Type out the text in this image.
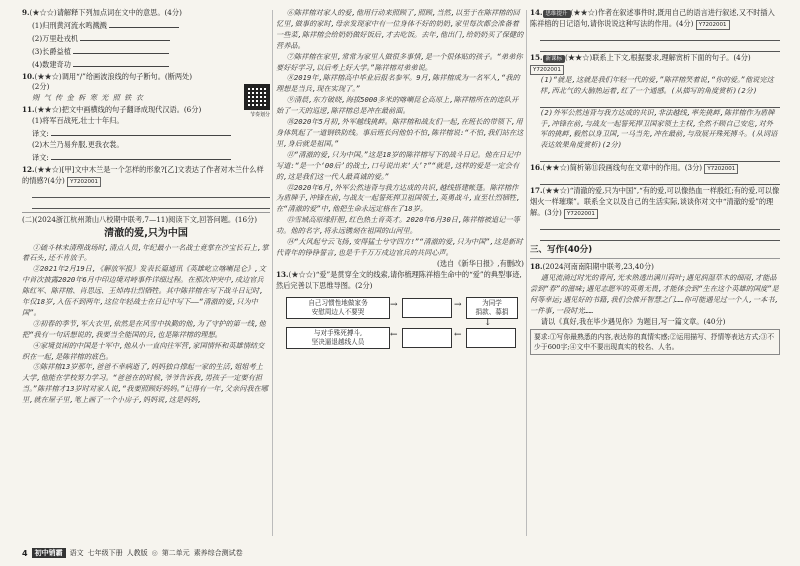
9.(★☆☆)请解释下列加点词在文中的意思。(4分)

(1)归刑黄河流水鸣溅溅

(2)万里赴戎机

(3)长爵益植

(4)数建奇功

10.(★★☆)调用“/”给画波浪线的句子断句。(断两处)

(2分)

朔 气 传 金 柝 寒 光 照 铁 衣

节奏划分

11.(★★☆)把文中画横线的句子翻译成现代汉语。(6分)

(1)将军百战死,壮士十年归。

译文:

(2)木兰乃易弁服,更我衣裳。

译文:

12.(★★☆)[甲]文中木兰是一个怎样的形象?[乙]文表达了作者对木兰什么样的情感?(4分) Y7202001

(二)(2024浙江杭州萧山八校期中联考,7—11)阅读下文,回答问题。(16分)

清澈的爱,只为中国

①硫斗林未清理战场时,清点人员,年纪最小一名战士竟掌在沙宝长石上,掌着石头,还不肯放手。

②2021年2月19日,《解放军报》发表长篇通讯《英雄屹立喀喇昆仑》,文中首次披露2020年6月中印边境对峙事件详细过程。在那次冲突中,戍边官兵陈红军、陈祥榕、肖思远、王焯冉壮烈牺牲。其中陈祥榕在写下战斗日记时,年仅18岁,入伍不到两年,这位年轻战士在日记中写下——“清澈的爱,只为中国”。

③初春的季节,军大衣里,依然是在风雪中执勤的他,为了守护的第一线,他把“我有一句话想说的,我要当全能国的兵,也是陈祥榕的理想。

④家境贫困的中国是十军中,他从小一直向往军营,家国情怀和英雄情结交织在一起,是陈祥榕的底色。

⑤陈祥榕13岁那年,爸爸不幸病逝了,妈妈独自撑起一家的生活,姐姐考上大学,他能在学校努力学习。“爸爸在的时候,爷爷告诉我,男孩子一定要有担当。”陈祥榕才13岁时对家人说,“我要照顾好妈妈。”记得有一年,父亲问我在哪里,就在屋子里,笔上画了一个小房子,妈妈说,这是妈妈,

⑥陈祥榕对家人的爱,他用行动来照顾了,照顾,当然,以至于在陈祥榕的回忆里,做事的家时,母亲发现家中有一位身体不好的奶奶,家里每次都会准备着一些菜,陈祥榕会给奶奶做好饭后,才去吃饭。去年,他出门,给奶奶买了保健的营养品。

⑦陈祥榕在家里,常常为家里人做很多事情,是一个很体贴的孩子。“弟弟你要好好学习,以后考上好大学。”陈祥榕对弟弟说。

⑧2019年,陈祥榕高中毕业后报名参军。9月,陈祥榕成为一名军人,“我的理想是当兵,现在实现了。”

⑨清晨,东方破晓,海拔5000多米的喀喇昆仑高原上,陈祥榕所在的连队开始了一天的巡逻,陈祥榕总是冲在最前面。

⑩2020年5月初,外军越线挑衅。陈祥榕和战友们一起,在班长的带领下,用身体筑起了一道钢铁防线。事后班长问他怕不怕,陈祥榕说:“不怕,我们站在这里,身后就是祖国。”

⑪“清澈的爱,只为中国。”这是18岁的陈祥榕写下的战斗日记。他在日记中写道:“是一个‘00后’的战士,口号说出来‘大’?”“就是,这样的爱是一定会有的,这是我们这一代人最真诚的爱。”

⑫2020年6月,外军公然违背与我方达成的共识,越线搭建帐篷。陈祥榕作为盾牌手,冲锋在前,与战友一起誓死捍卫祖国领土,英勇战斗,直至壮烈牺牲,在“清澈的爱”中,他把生命永远定格在了18岁。

⑬雪域高原缘肝胆,红色热土育英才。2020年6月30日,陈祥榕被追记一等功。他的名字,将永远镌刻在祖国的山河里。

⑭“大风起兮云飞扬,安得猛士兮守四方!”“清澈的爱,只为中国”,这是新时代青年的铮铮誓言,也是千千万万戍边官兵的共同心声。

(选自《新华日报》,有删改)

13.(★☆☆)“爱”是贯穿全文的线索,请你梳理陈祥榕生命中的“爱”的典型事迹,然后完善以下思维导图。(2分)

自己习惯性地做家务
安慰周边人不要哭
→	→	为同学
捐款、募捐
↓
与对手殊死搏斗,
坚决逼退越线人员
←	←

14. 思维提升 (★★☆)作者在叙述事件时,既用自己的语言进行叙述,又不时插入陈祥榕的日记语句,请你说说这种写法的作用。(4分) Y7202001

15. 新课标 (★★☆)联系上下文,根据要求,理解赏析下面的句子。(4分) Y7202001

(1)“就是,这就是我们年轻一代的爱,”陈祥榕笑着说,“你的爱。”他说完这样,西北气的大脑热运着,红了一个通感。(从描写的角度赏析)(2分)

(2)外军公然违背与我方达成的共识,非法越线,率先挑衅,陈祥榕作为盾牌手,冲锋在前,与战友一起誓死捍卫国家领土主权,全然不顾自己安危,对外军的挑衅,毅然以身卫国,一马当先,冲在最前,与敌展开殊死搏斗。(从词语表达效果角度赏析)(2分)

16.(★★☆)简析第⑪段画线句在文章中的作用。(3分) Y7202001

17.(★★☆)“清澈的爱,只为中国”,“有的爱,可以像热血一样殷红;有的爱,可以像烟火一样璀璨”。联系全文以及自己的生活实际,谈谈你对文中“清澈的爱”的理解。(3分) Y7202001

三、写作(40分)

18.(2024河南南阳期中联考,23,40分)

遇见流淌过时光的青河,光未熟透出满川荷叶;遇见润湿草木的细雨,才能品尝到“春”的滋味;遇见志愿军的英勇无畏,才能体会到“生在这个英雄的国度”是何等幸运;遇见好的书籍,我们会推开智慧之门……你可能遇见过一个人,一本书,一件事,一段时光……

请以《真好,我在毕少遇见你》为题目,写一篇文章。(40分)

要求:①写你最熟悉的内容,表达你的真情实感;②运用描写、抒情等表达方式;③不少于600字;④文中不要出现真实的校名、人名。
4	初中销霸	语文 七年级下册 人教版 ◎ 第二单元 素养综合测试卷
